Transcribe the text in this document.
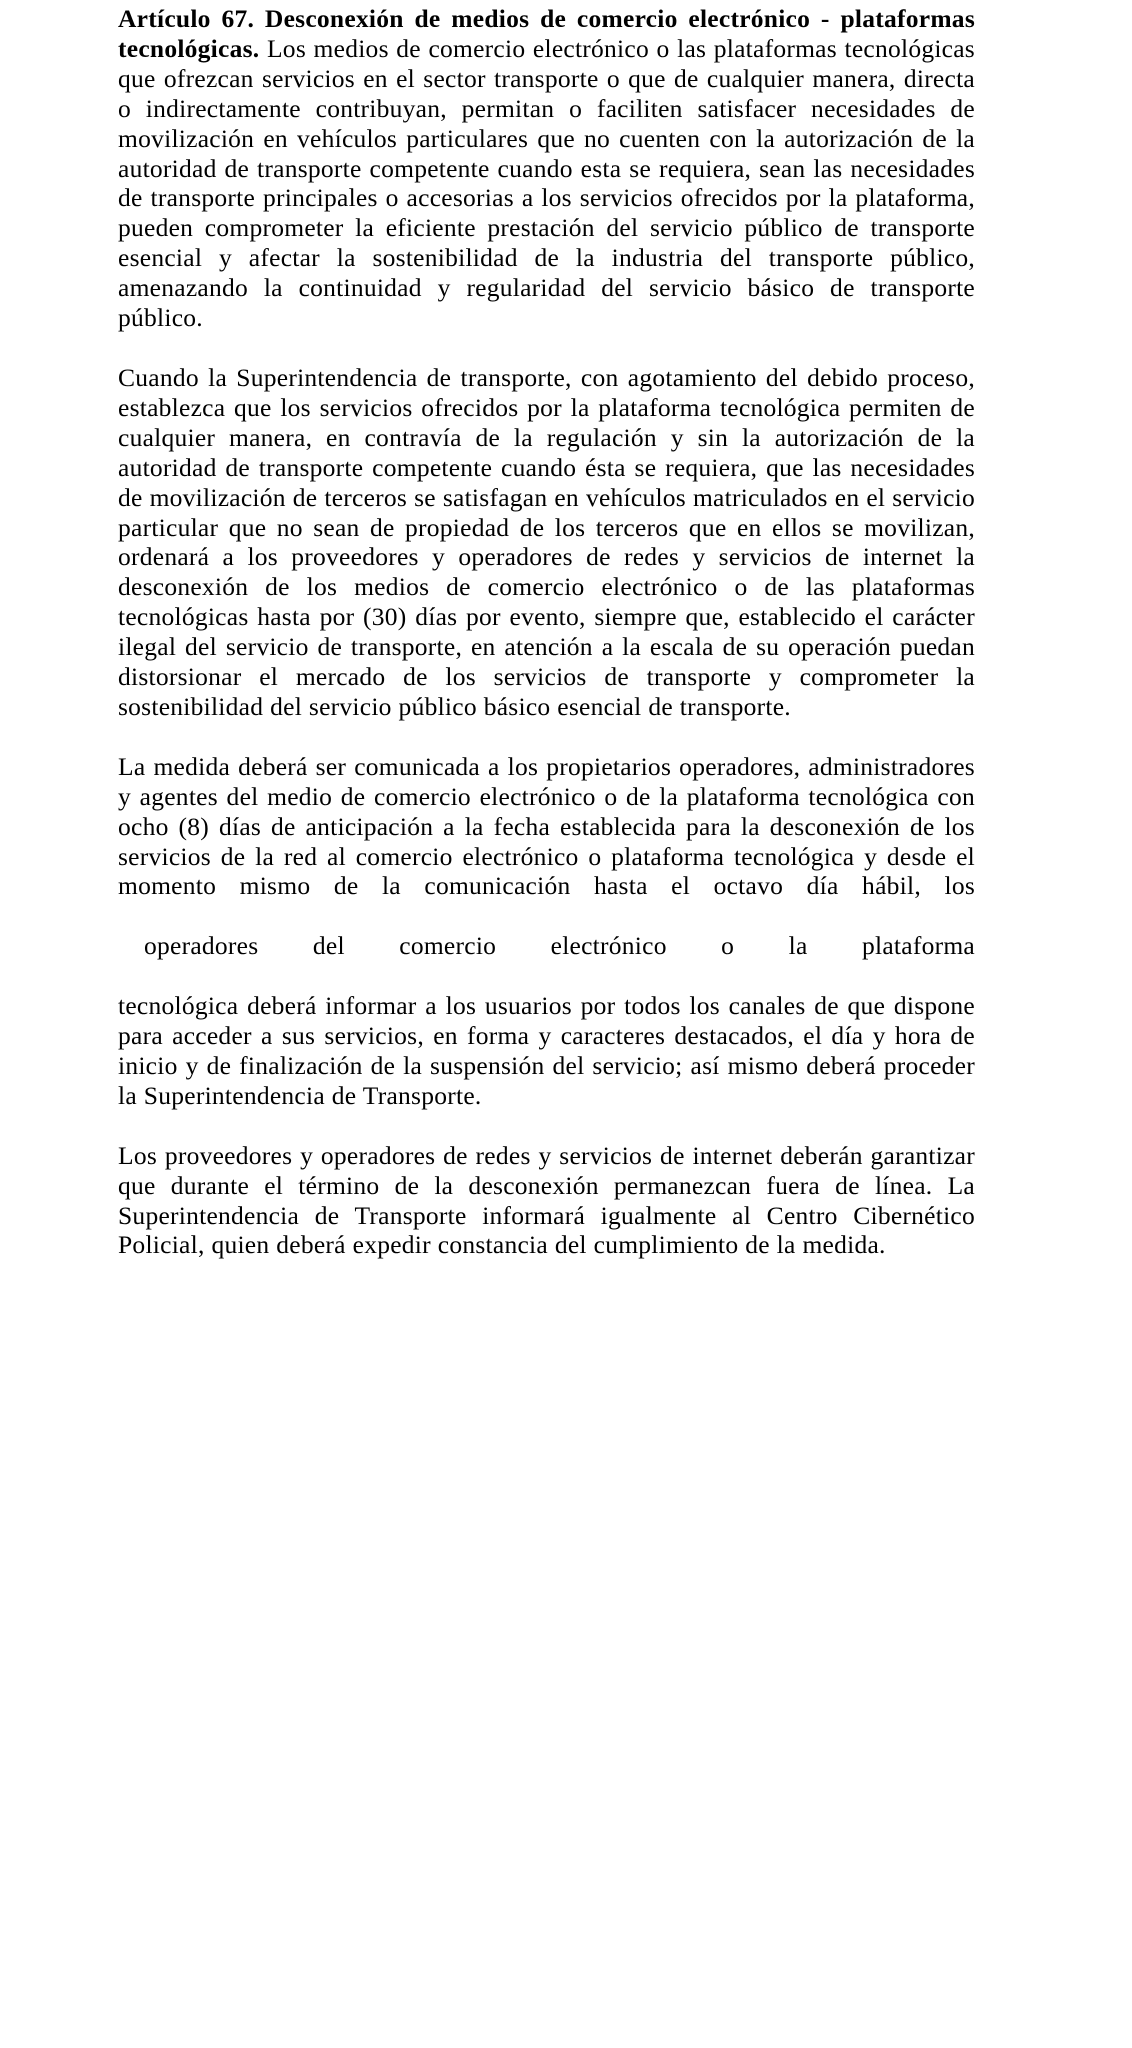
Artículo 67. Desconexión de medios de comercio electrónico - plataformas tecnológicas. Los medios de comercio electrónico o las plataformas tecnológicas que ofrezcan servicios en el sector transporte o que de cualquier manera, directa o indirectamente contribuyan, permitan o faciliten satisfacer necesidades de movilización en vehículos particulares que no cuenten con la autorización de la autoridad de transporte competente cuando esta se requiera, sean las necesidades de transporte principales o accesorias a los servicios ofrecidos por la plataforma, pueden comprometer la eficiente prestación del servicio público de transporte esencial y afectar la sostenibilidad de la industria del transporte público, amenazando la continuidad y regularidad del servicio básico de transporte público.

Cuando la Superintendencia de transporte, con agotamiento del debido proceso, establezca que los servicios ofrecidos por la plataforma tecnológica permiten de cualquier manera, en contravía de la regulación y sin la autorización de la autoridad de transporte competente cuando ésta se requiera, que las necesidades de movilización de terceros se satisfagan en vehículos matriculados en el servicio particular que no sean de propiedad de los terceros que en ellos se movilizan, ordenará a los proveedores y operadores de redes y servicios de internet la desconexión de los medios de comercio electrónico o de las plataformas tecnológicas hasta por (30) días por evento, siempre que, establecido el carácter ilegal del servicio de transporte, en atención a la escala de su operación puedan distorsionar el mercado de los servicios de transporte y comprometer la sostenibilidad del servicio público básico esencial de transporte.

La medida deberá ser comunicada a los propietarios operadores, administradores y agentes del medio de comercio electrónico o de la plataforma tecnológica con ocho (8) días de anticipación a la fecha establecida para la desconexión de los servicios de la red al comercio electrónico o plataforma tecnológica y desde el momento mismo de la comunicación hasta el octavo día hábil, los
operadores del comercio electrónico o la plataforma
tecnológica deberá informar a los usuarios por todos los canales de que dispone para acceder a sus servicios, en forma y caracteres destacados, el día y hora de inicio y de finalización de la suspensión del servicio; así mismo deberá proceder la Superintendencia de Transporte.

Los proveedores y operadores de redes y servicios de internet deberán garantizar que durante el término de la desconexión permanezcan fuera de línea. La Superintendencia de Transporte informará igualmente al Centro Cibernético Policial, quien deberá expedir constancia del cumplimiento de la medida.
